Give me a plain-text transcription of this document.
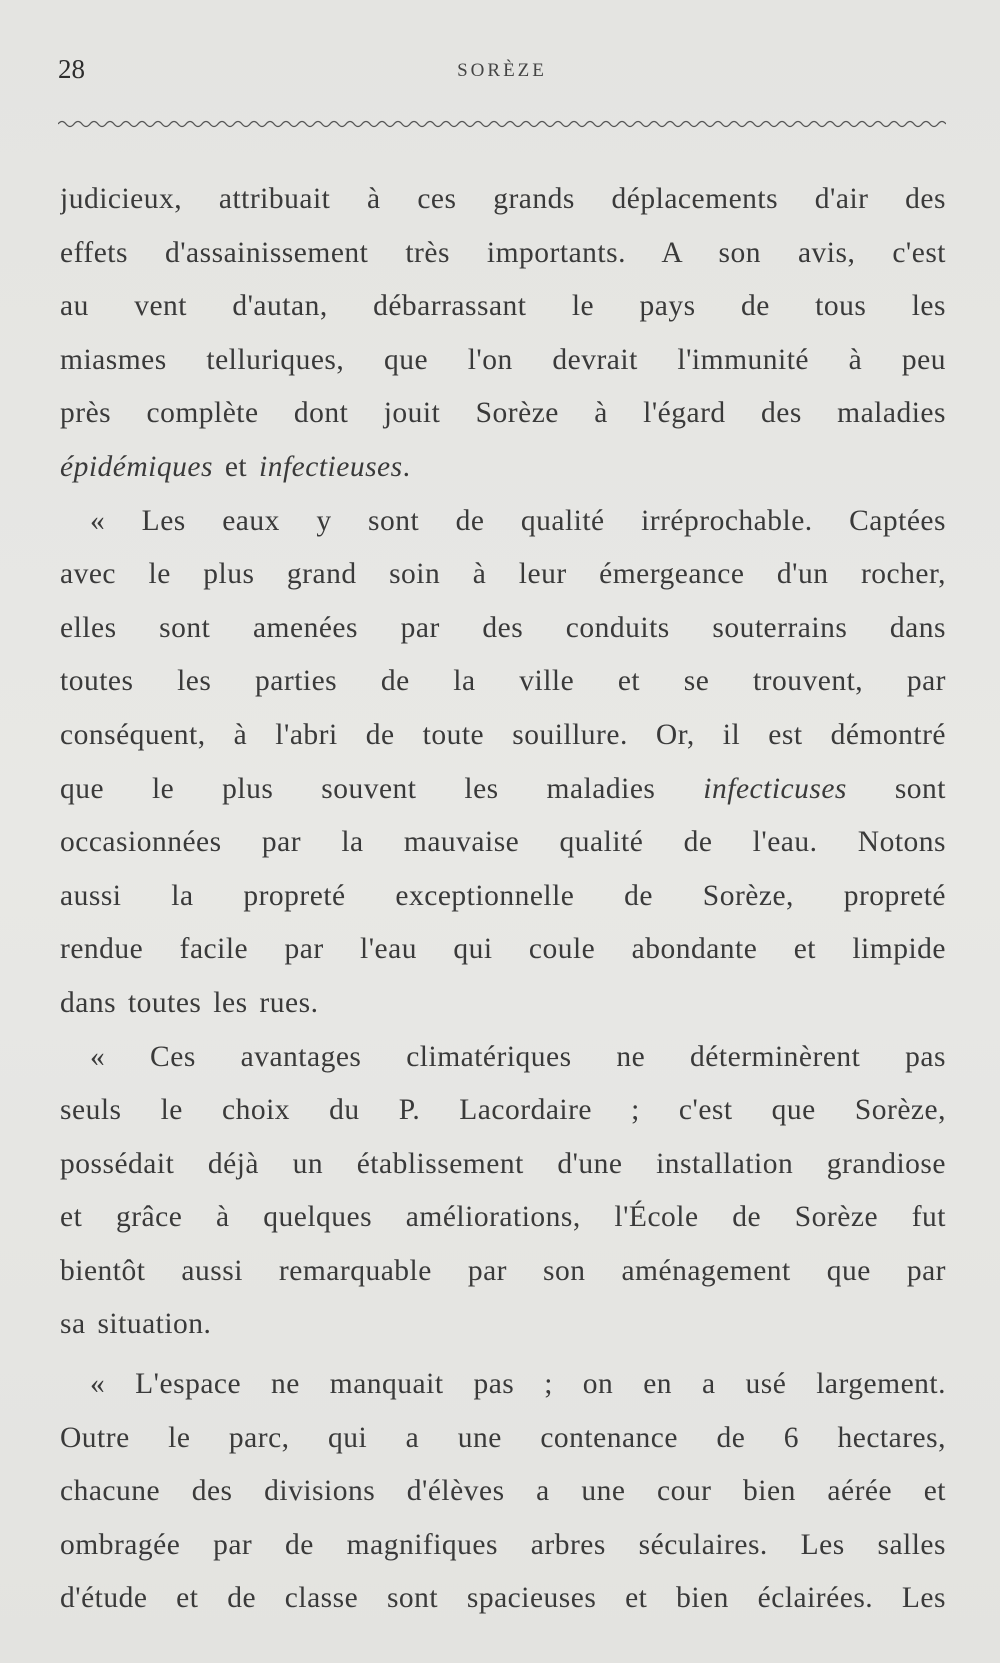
28	SORÈZE
judicieux, attribuait à ces grands déplacements d'air des
effets d'assainissement très importants. A son avis, c'est
au vent d'autan, débarrassant le pays de tous les
miasmes telluriques, que l'on devrait l'immunité à peu
près complète dont jouit Sorèze à l'égard des maladies
épidémiques et infectieuses.
« Les eaux y sont de qualité irréprochable. Captées
avec le plus grand soin à leur émergeance d'un rocher,
elles sont amenées par des conduits souterrains dans
toutes les parties de la ville et se trouvent, par
conséquent, à l'abri de toute souillure. Or, il est démontré
que le plus souvent les maladies infecticuses sont
occasionnées par la mauvaise qualité de l'eau. Notons
aussi la propreté exceptionnelle de Sorèze, propreté
rendue facile par l'eau qui coule abondante et limpide
dans toutes les rues.
« Ces avantages climatériques ne déterminèrent pas
seuls le choix du P. Lacordaire ; c'est que Sorèze,
possédait déjà un établissement d'une installation grandiose
et grâce à quelques améliorations, l'École de Sorèze fut
bientôt aussi remarquable par son aménagement que par
sa situation.
« L'espace ne manquait pas ; on en a usé largement.
Outre le parc, qui a une contenance de 6 hectares,
chacune des divisions d'élèves a une cour bien aérée et
ombragée par de magnifiques arbres séculaires. Les salles
d'étude et de classe sont spacieuses et bien éclairées. Les
